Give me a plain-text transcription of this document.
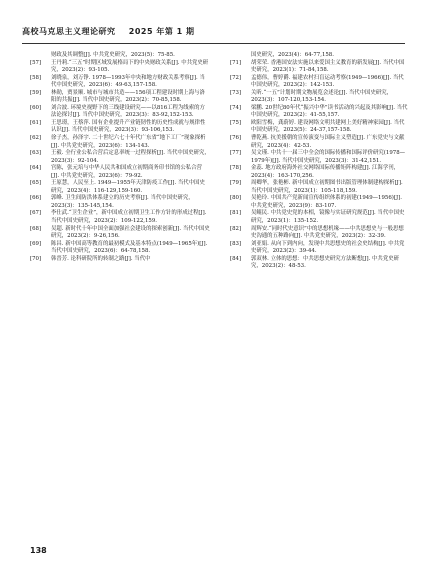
高校马克思主义理论研究 2025 年第 1 期
财政及其调整[J]. 中共党史研究，2023(5)：75-85.
[57]	王丹莉.“三五”时期区域发展格局下的中央财政关系[J]. 中共党史研究，2023(2)：93-105.
[58]	刘晓泉，刘万铮. 1978—1993年中央和地方财政关系考察[J]. 当代中国史研究，2023(6)：49-63,157-158.
[59]	林勋，贾景顺. 城市与城市共造——156项工程建设时期上海与洛阳的共振[J]. 当代中国史研究，2023(2)：70-85,158.
[60]	刘合波. 环境史视野下的三线建设研究——以816工程为线索的方法论探讨[J]. 当代中国史研究，2023(3)：83-92,152-153.
[61]	王思璟，王蔡萍. 国有企业提升产业链韧性的历史性成就与规律性认识[J]. 当代中国史研究，2023(3)：93-106,153.
[62]	徐子杰，孙泽宇. 二十世纪六七十年代广东省“地下工厂”现象探析[J]. 中共党史研究，2023(6)：134-143.
[63]	王毅. 全行业公私合营后定息率统一过程探析[J]. 当代中国史研究，2023(3)：92-104.
[64]	宫陈，张元培与中华人民共和国成立初期商务印书馆的公私合营[J]. 中共党史研究，2023(6)：79-92.
[65]	王原慧，人民至上. 1949—1955年天津防疫工作[J]. 当代中国史研究，2023(4)：116-129,159-160.
[66]	郭峰. 卫生间防洪体系建立的历史考察[J]. 当代中国史研究，2023(3)：135-145,154.
[67]	李仕武.“卫生企业”，新中国成立初期卫生工作方针的形成过程[J]. 当代中国史研究，2023(2)：109-122,159.
[68]	吴超. 新时代十年中国全面加强社会建设的探索创新[J]. 当代中国史研究，2023(2)：9-26,156.
[69]	陈昌. 新中国高等教育的最初模式及基本特点(1949—1965年)[J]. 当代中国史研究，2023(6)：64-78,158.
[70]	韩晋芳. 论科研院所的转制之路[J]. 当代中
国史研究，2023(4)：64-77,158.
[71]	胡荣荣. 香港国安法实施以来爱国主义教育的新发展[J]. 当代中国史研究，2023(1)：71-84,158.
[72]	孟德伟，曹婷爵. 福建农村扫盲运动考察(1949—1966)[J]. 当代中国史研究，2023(2)：142-153.
[73]	关昕.“一五”计划时期文物展览会述论[J]. 当代中国史研究，2023(3)：107-120,153-154.
[74]	梁鹏. 20世纪80年代“振兴中华”读书活动的兴起及其影响[J]. 当代中国史研究，2023(2)：41-55,157.
[75]	欧阳雪梅，龚蔚婷. 建设网络文明共建网上美好精神家园[J]. 当代中国史研究，2023(5)：24-37,157-158.
[76]	曹乾燕. 抗美援朝的宣传演变与国际主义塑造[J]. 广东党史与文献研究，2023(4)：42-53.
[77]	吴文瑾. 中共十一届三中全会的国际传播和国际评价研究(1978—1979年)[J]. 当代中国史研究，2023(3)：31-42,151.
[78]	金蕊. 地方政府海外社交网络国际传播矩阵构建[J]. 江海学刊，2023(4)：163-170,256.
[79]	周卿华，张艳彬. 新中国成立初期图书出版管理体制建构探析[J]. 当代中国史研究，2023(1)：105-118,159.
[80]	吴艳玲. 中国共产党新闻宣传组织体系的初建(1949—1956)[J]. 中共党史研究，2023(9)：83-107.
[81]	吴鲲民. 中共党史党的本相，镜像与实证研究规范[J]. 当代中国史研究，2023(1)：135-152.
[82]	周辉安.“同时代史意识”中的思想机缘——中共思想史与一般思想史沟通的五种路向[J]. 中共党史研究，2023(2)：32-39.
[83]	刘亚娟. 从向下到内向，发现中共思想史的社会史结构[J]. 中共党史研究，2023(2)：39-44.
[84]	郭双林. 立体的思想：中共思想史研究方法断想[J]. 中共党史研究，2023(2)：48-53.
138
